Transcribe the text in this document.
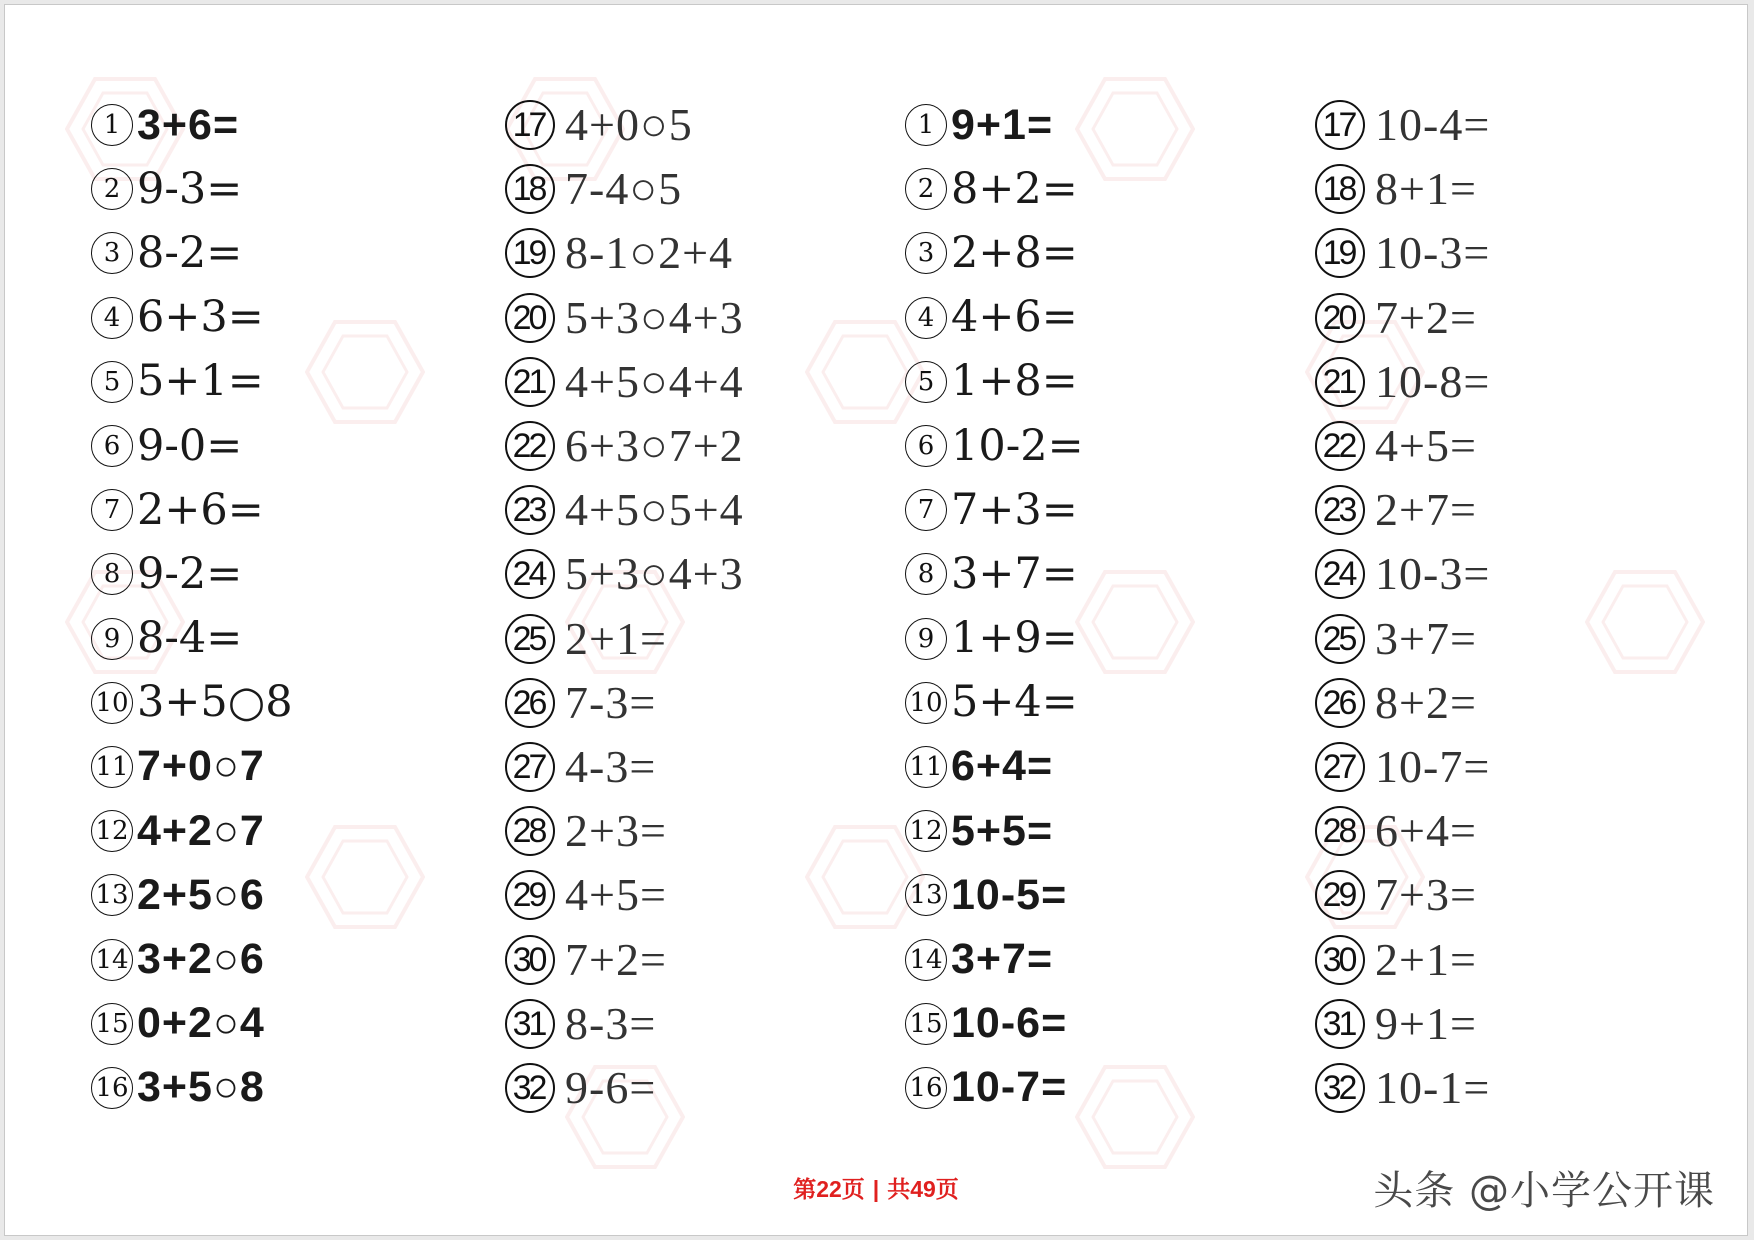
1 3+6=
2 9-3=
3 8-2=
4 6+3=
5 5+1=
6 9-0=
7 2+6=
8 9-2=
9 8-4=
10 3+5○8
11 7+0○7
12 4+2○7
13 2+5○6
14 3+2○6
15 0+2○4
16 3+5○8
17 4+0○5
18 7-4○5
19 8-1○2+4
20 5+3○4+3
21 4+5○4+4
22 6+3○7+2
23 4+5○5+4
24 5+3○4+3
25 2+1=
26 7-3=
27 4-3=
28 2+3=
29 4+5=
30 7+2=
31 8-3=
32 9-6=
1 9+1=
2 8+2=
3 2+8=
4 4+6=
5 1+8=
6 10-2=
7 7+3=
8 3+7=
9 1+9=
10 5+4=
11 6+4=
12 5+5=
13 10-5=
14 3+7=
15 10-6=
16 10-7=
17 10-4=
18 8+1=
19 10-3=
20 7+2=
21 10-8=
22 4+5=
23 2+7=
24 10-3=
25 3+7=
26 8+2=
27 10-7=
28 6+4=
29 7+3=
30 2+1=
31 9+1=
32 10-1=
第22页 | 共49页	头条 @小学公开课
